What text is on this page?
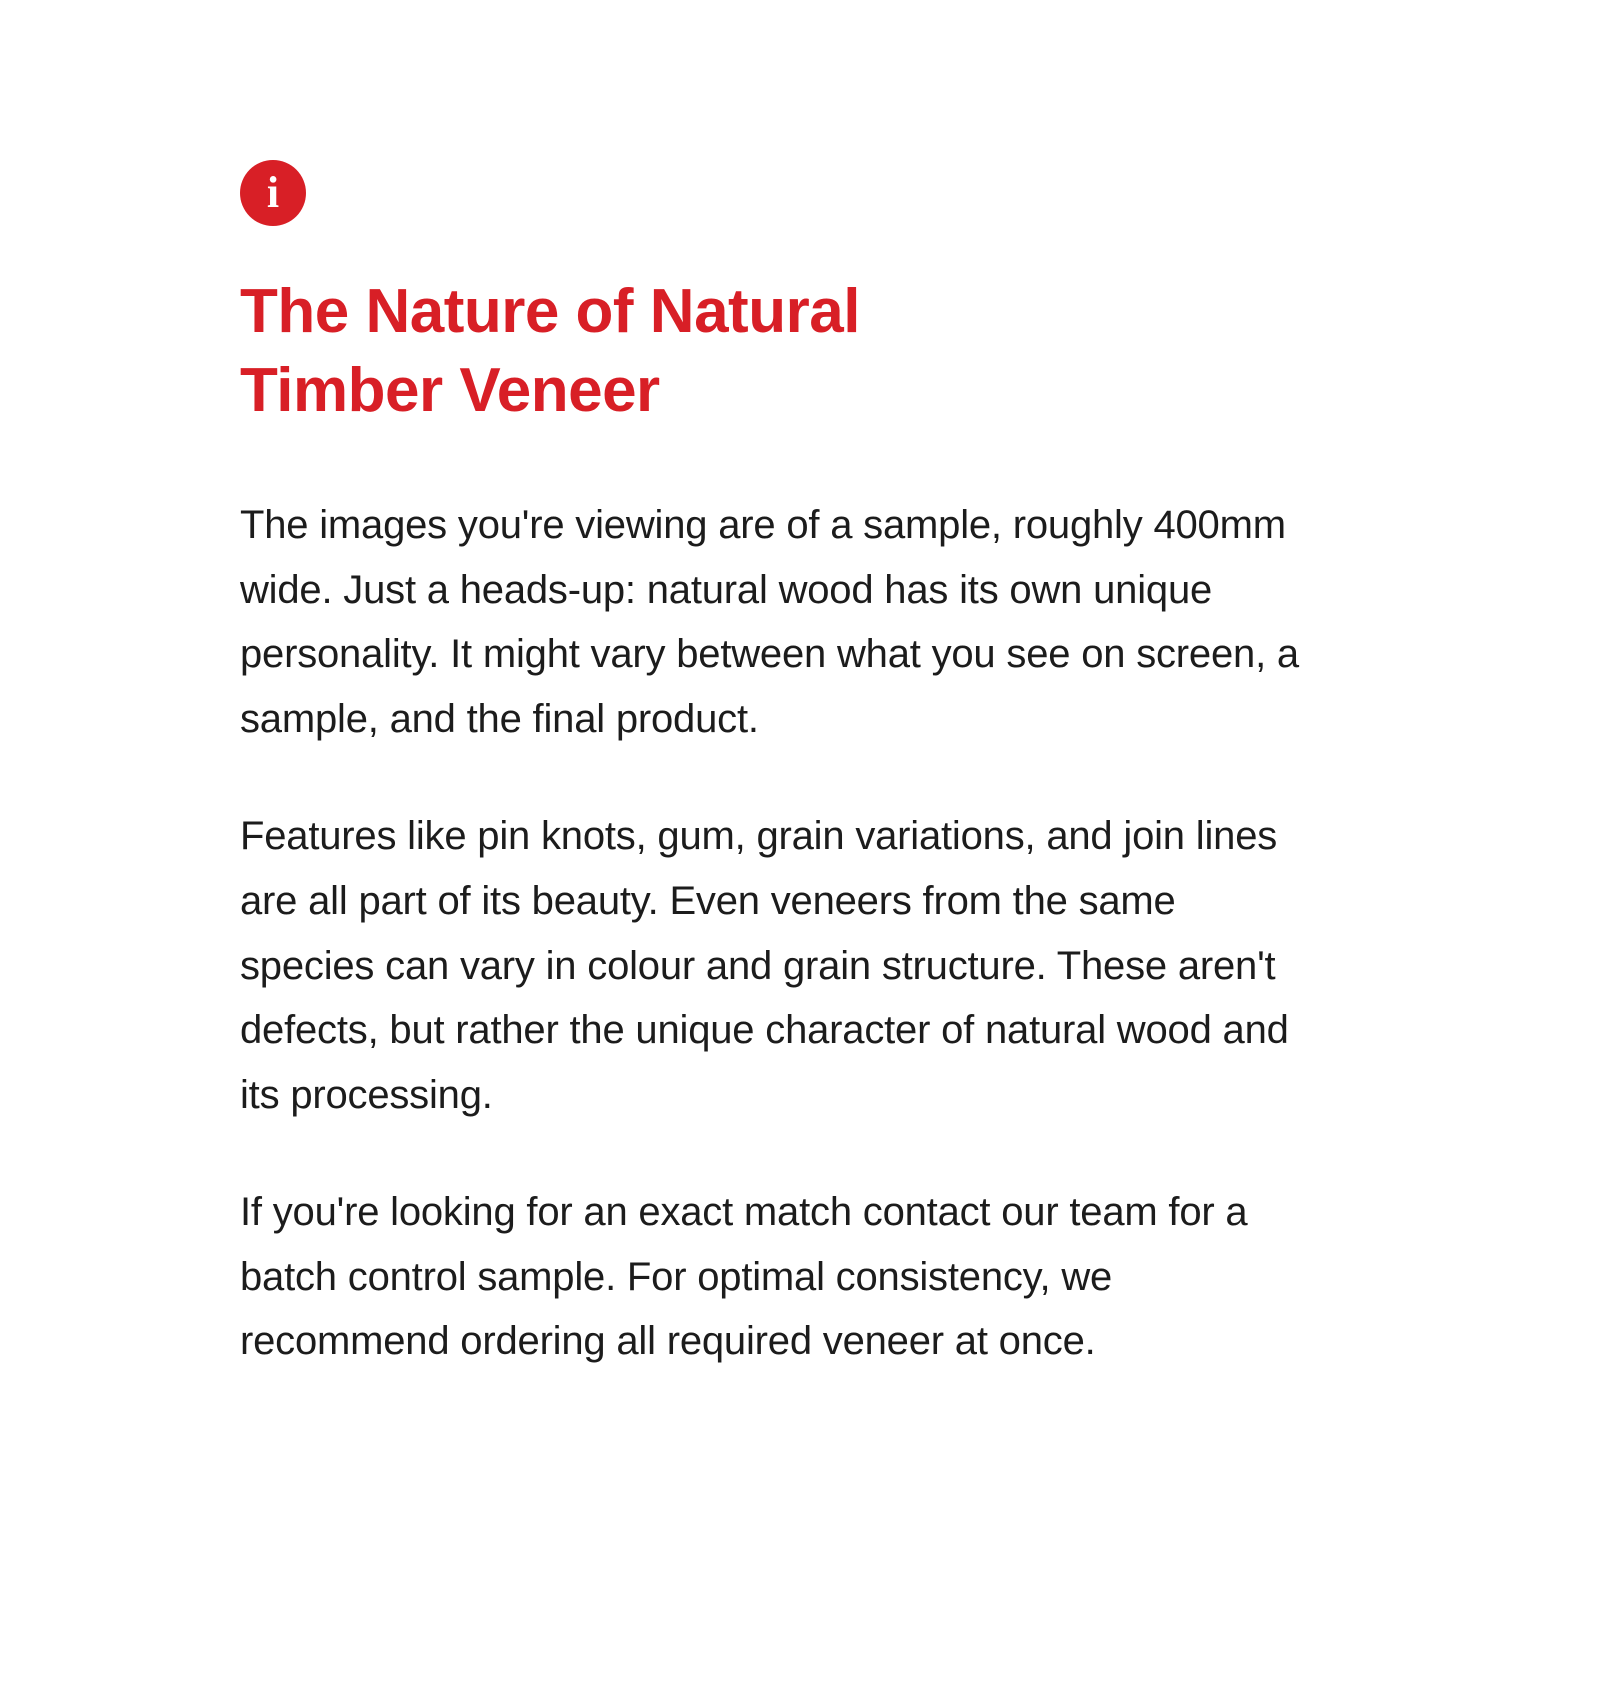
i
The Nature of Natural Timber Veneer

The images you're viewing are of a sample, roughly 400mm wide. Just a heads-up: natural wood has its own unique personality. It might vary between what you see on screen, a sample, and the final product.

Features like pin knots, gum, grain variations, and join lines are all part of its beauty. Even veneers from the same species can vary in colour and grain structure. These aren't defects, but rather the unique character of natural wood and its processing.

If you're looking for an exact match contact our team for a batch control sample. For optimal consistency, we recommend ordering all required veneer at once.
